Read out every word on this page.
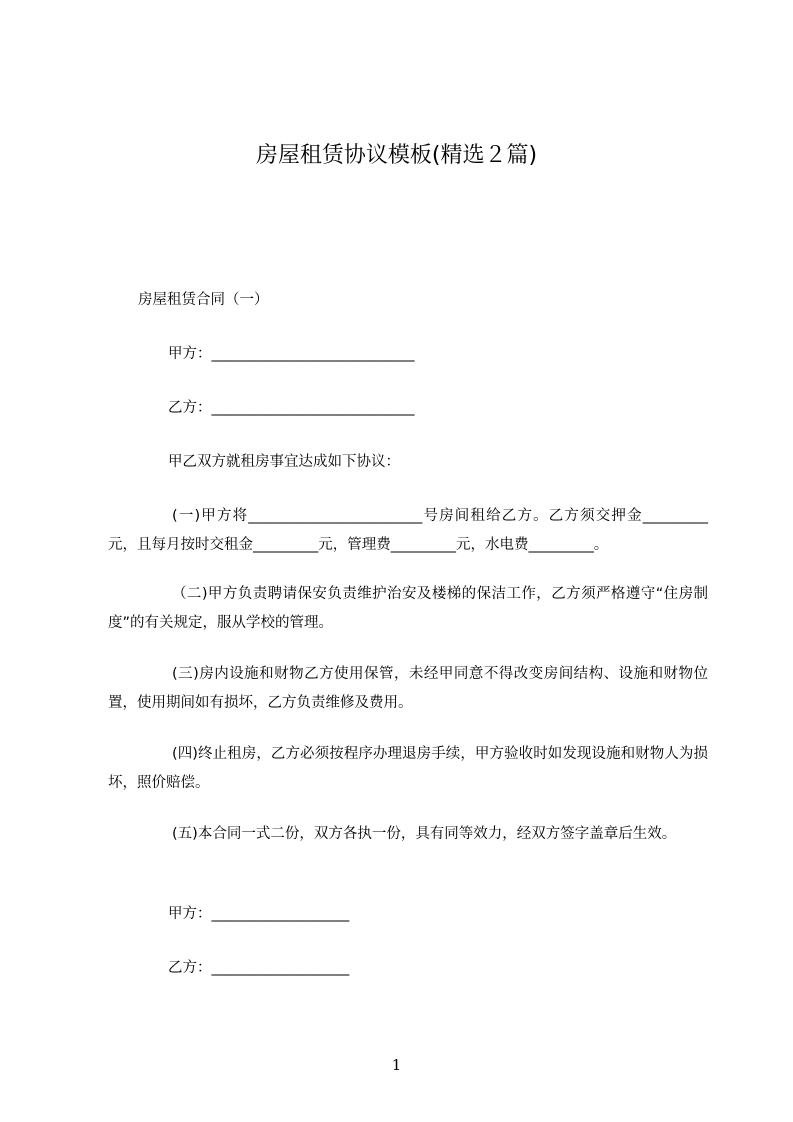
房屋租赁协议模板(精选２篇)
房屋租赁合同（一）
甲方：____________________________
乙方：____________________________
甲乙双方就租房事宜达成如下协议：
(一)甲方将________________________号房间租给乙方。乙方须交押金_________元，且每月按时交租金_________元，管理费_________元，水电费_________。
（二)甲方负责聘请保安负责维护治安及楼梯的保洁工作，乙方须严格遵守“住房制度”的有关规定，服从学校的管理。
(三)房内设施和财物乙方使用保管，未经甲同意不得改变房间结构、设施和财物位置，使用期间如有损坏，乙方负责维修及费用。
(四)终止租房，乙方必须按程序办理退房手续，甲方验收时如发现设施和财物人为损坏，照价赔偿。
(五)本合同一式二份，双方各执一份，具有同等效力，经双方签字盖章后生效。
甲方：___________________
乙方：___________________
1
